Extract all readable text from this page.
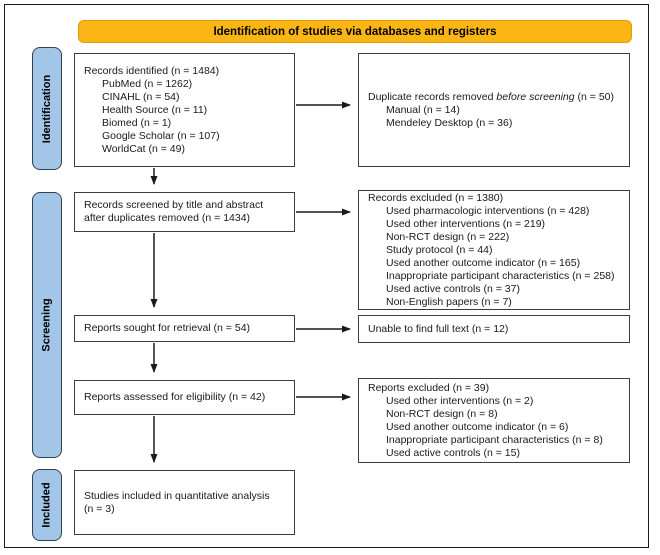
Identification of studies via databases and registers
Identification
Screening
Included
Records identified (n = 1484)
PubMed (n = 1262)
CINAHL (n = 54)
Health Source (n = 11)
Biomed (n = 1)
Google Scholar (n = 107)
WorldCat (n = 49)
Duplicate records removed before screening (n = 50)
Manual (n = 14)
Mendeley Desktop (n = 36)
Records screened by title and abstract
after duplicates removed (n = 1434)
Records excluded (n = 1380)
Used pharmacologic interventions (n = 428)
Used other interventions (n = 219)
Non-RCT design (n = 222)
Study protocol (n = 44)
Used another outcome indicator (n = 165)
Inappropriate participant characteristics (n = 258)
Used active controls (n = 37)
Non-English papers (n = 7)
Reports sought for retrieval (n = 54)	Unable to find full text (n = 12)
Reports assessed for eligibility (n = 42)
Reports excluded (n = 39)
Used other interventions (n = 2)
Non-RCT design (n = 8)
Used another outcome indicator (n = 6)
Inappropriate participant characteristics (n = 8)
Used active controls (n = 15)
Studies included in quantitative analysis
(n = 3)
